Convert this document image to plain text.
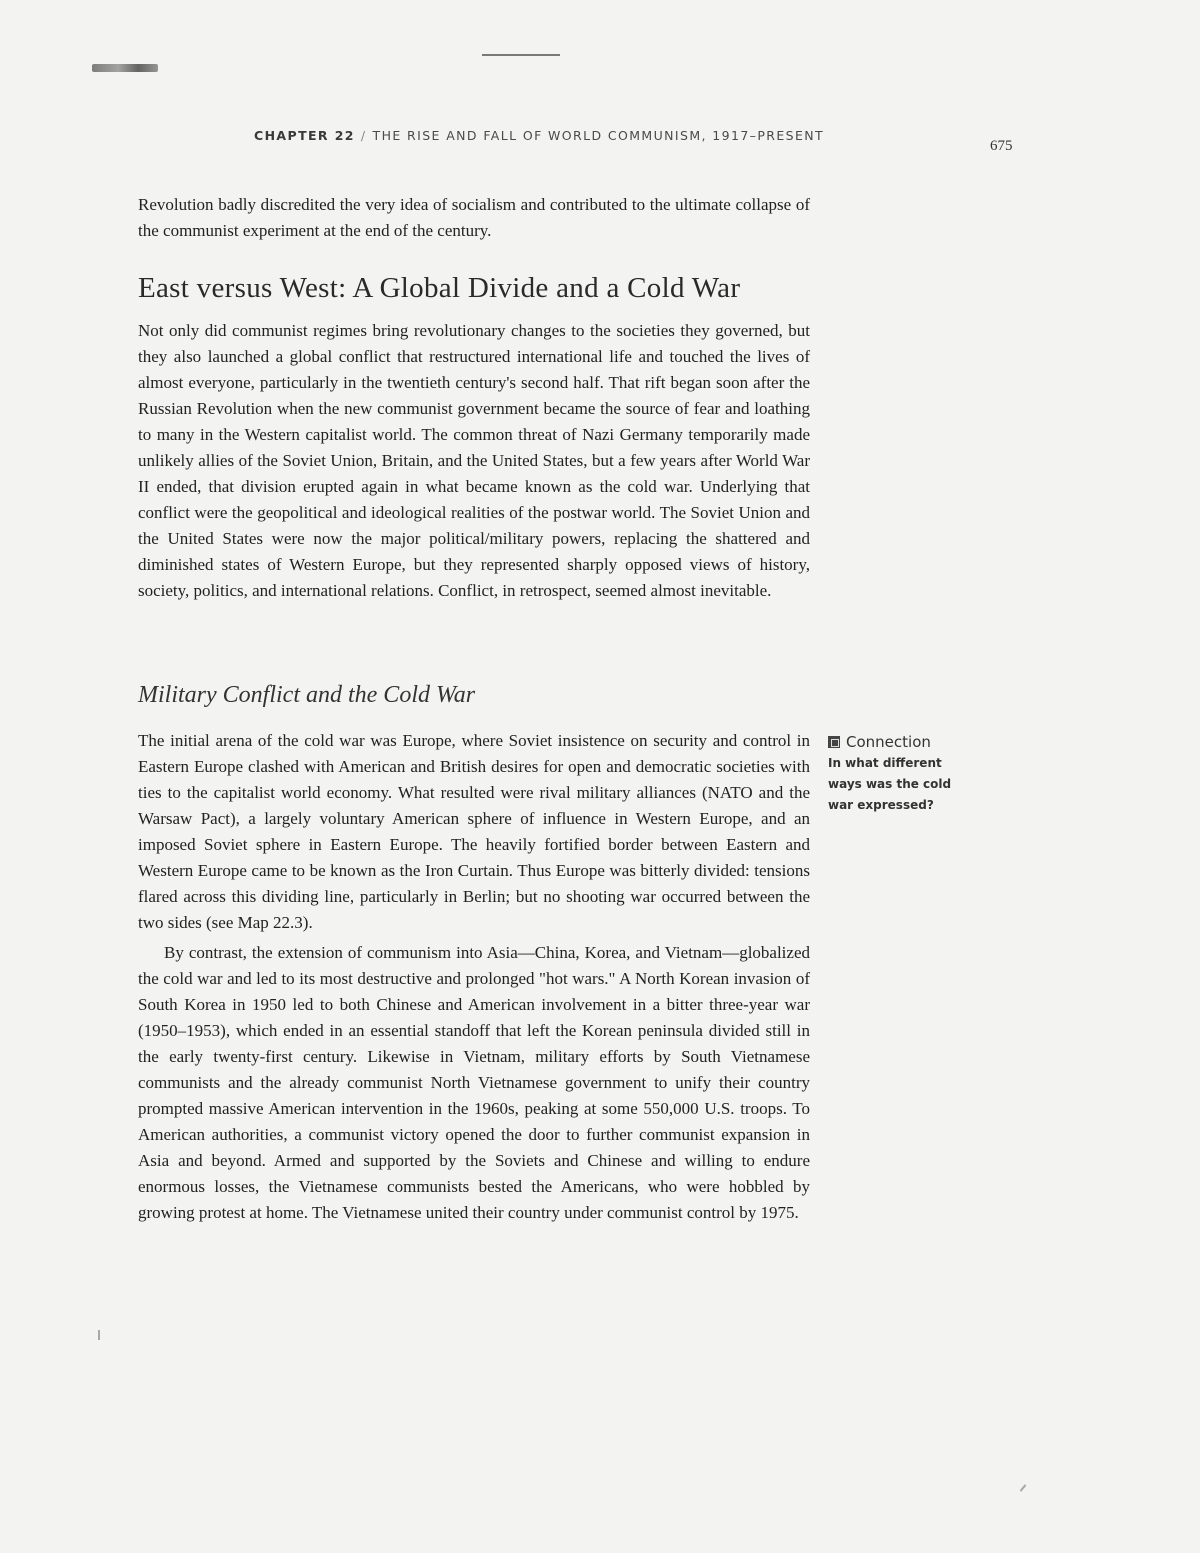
CHAPTER 22 / THE RISE AND FALL OF WORLD COMMUNISM, 1917–PRESENT
675

Revolution badly discredited the very idea of socialism and contributed to the ultimate collapse of the communist experiment at the end of the century.

East versus West: A Global Divide and a Cold War

Not only did communist regimes bring revolutionary changes to the societies they governed, but they also launched a global conflict that restructured international life and touched the lives of almost everyone, particularly in the twentieth century's second half. That rift began soon after the Russian Revolution when the new communist government became the source of fear and loathing to many in the Western capitalist world. The common threat of Nazi Germany temporarily made unlikely allies of the Soviet Union, Britain, and the United States, but a few years after World War II ended, that division erupted again in what became known as the cold war. Underlying that conflict were the geopolitical and ideological realities of the postwar world. The Soviet Union and the United States were now the major political/military powers, replacing the shattered and diminished states of Western Europe, but they represented sharply opposed views of history, society, politics, and international relations. Conflict, in retrospect, seemed almost inevitable.

Military Conflict and the Cold War

The initial arena of the cold war was Europe, where Soviet insistence on security and control in Eastern Europe clashed with American and British desires for open and democratic societies with ties to the capitalist world economy. What resulted were rival military alliances (NATO and the Warsaw Pact), a largely voluntary American sphere of influence in Western Europe, and an imposed Soviet sphere in Eastern Europe. The heavily fortified border between Eastern and Western Europe came to be known as the Iron Curtain. Thus Europe was bitterly divided: tensions flared across this dividing line, particularly in Berlin; but no shooting war occurred between the two sides (see Map 22.3).

By contrast, the extension of communism into Asia—China, Korea, and Vietnam—globalized the cold war and led to its most destructive and prolonged "hot wars." A North Korean invasion of South Korea in 1950 led to both Chinese and American involvement in a bitter three-year war (1950–1953), which ended in an essential standoff that left the Korean peninsula divided still in the early twenty-first century. Likewise in Vietnam, military efforts by South Vietnamese communists and the already communist North Vietnamese government to unify their country prompted massive American intervention in the 1960s, peaking at some 550,000 U.S. troops. To American authorities, a communist victory opened the door to further communist expansion in Asia and beyond. Armed and supported by the Soviets and Chinese and willing to endure enormous losses, the Vietnamese communists bested the Americans, who were hobbled by growing protest at home. The Vietnamese united their country under communist control by 1975.

Connection
In what different ways was the cold war expressed?
